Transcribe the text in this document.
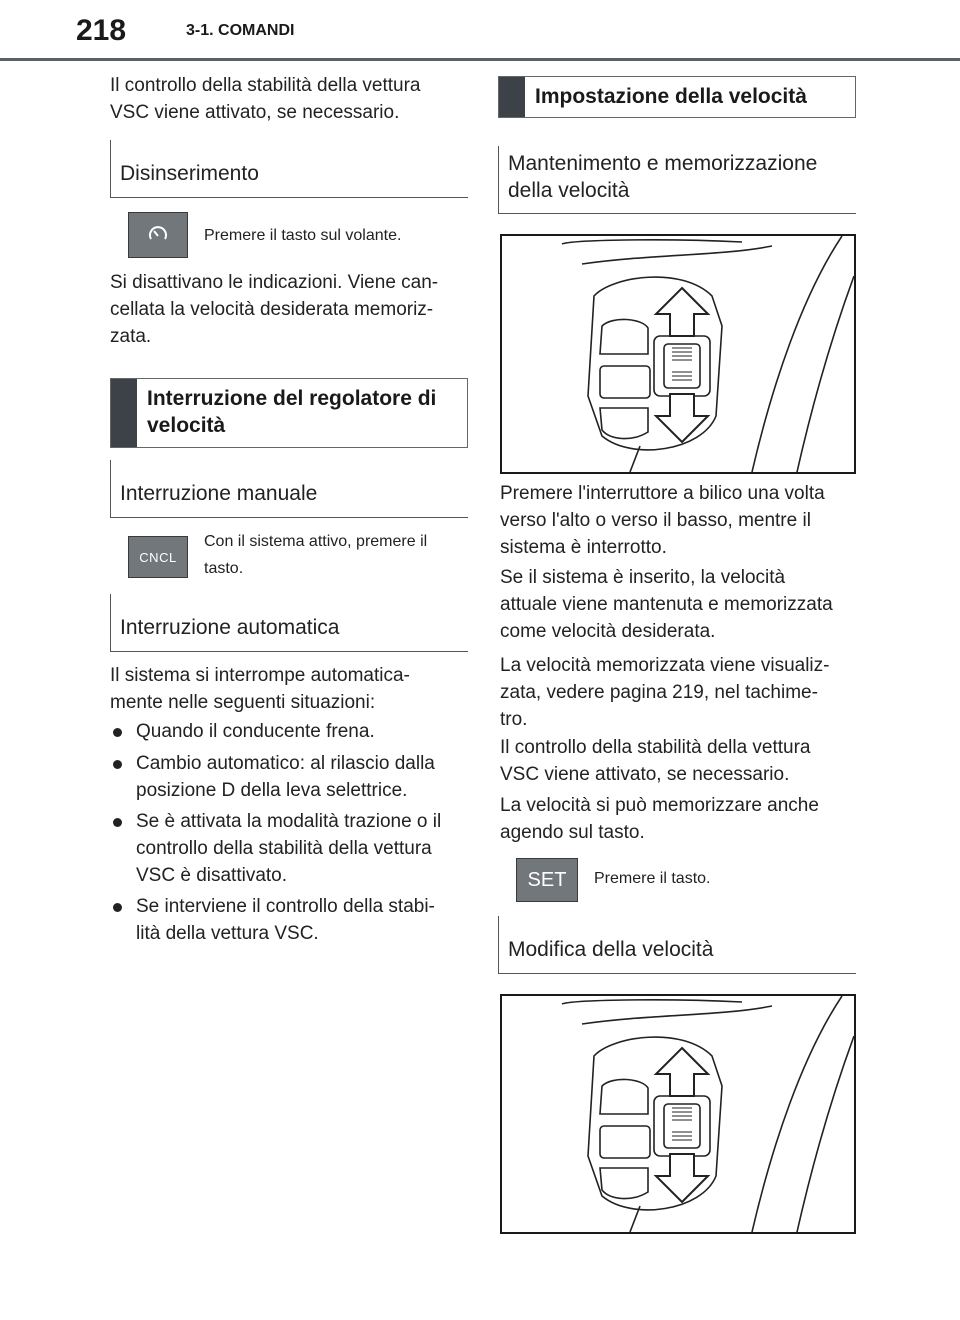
218	3-1. COMANDI
Il controllo della stabilità della vettura
VSC viene attivato, se necessario.
Disinserimento
Premere il tasto sul volante.
Si disattivano le indicazioni. Viene can-
cellata la velocità desiderata memoriz-
zata.
Interruzione del regolatore di
velocità
Interruzione manuale
CNCL
Con il sistema attivo, premere il
tasto.
Interruzione automatica
Il sistema si interrompe automatica-
mente nelle seguenti situazioni:
Quando il conducente frena.
Cambio automatico: al rilascio dalla
posizione D della leva selettrice.
Se è attivata la modalità trazione o il
controllo della stabilità della vettura
VSC è disattivato.
Se interviene il controllo della stabi-
lità della vettura VSC.
Impostazione della velocità
Mantenimento e memorizzazione
della velocità
Premere l'interruttore a bilico una volta
verso l'alto o verso il basso, mentre il
sistema è interrotto.
Se il sistema è inserito, la velocità
attuale viene mantenuta e memorizzata
come velocità desiderata.
La velocità memorizzata viene visualiz-
zata, vedere pagina 219, nel tachime-
tro.
Il controllo della stabilità della vettura
VSC viene attivato, se necessario.
La velocità si può memorizzare anche
agendo sul tasto.
SET Premere il tasto.
Modifica della velocità
